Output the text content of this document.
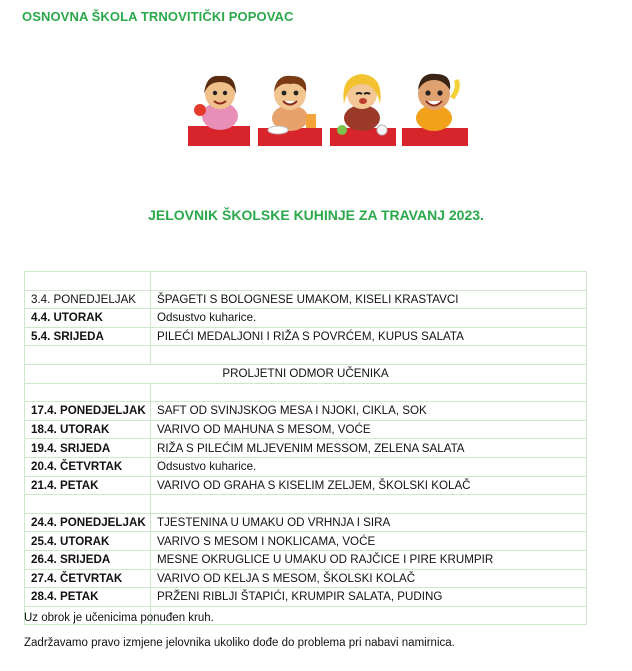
OSNOVNA ŠKOLA TRNOVITIČKI POPOVAC
JELOVNIK ŠKOLSKE KUHINJE ZA TRAVANJ 2023.

3.4. PONEDJELJAK	ŠPAGETI S BOLOGNESE UMAKOM, KISELI KRASTAVCI
4.4. UTORAK	Odsustvo kuharice.
5.4. SRIJEDA	PILEĆI MEDALJONI I RIŽA S POVRĆEM, KUPUS SALATA

PROLJETNI ODMOR UČENIKA	

17.4. PONEDJELJAK	SAFT OD SVINJSKOG MESA I NJOKI, CIKLA, SOK
18.4. UTORAK	VARIVO OD MAHUNA S MESOM, VOĆE
19.4. SRIJEDA	RIŽA S PILEĆIM MLJEVENIM MESSOM, ZELENA SALATA
20.4. ČETVRTAK	Odsustvo kuharice.
21.4. PETAK	VARIVO OD GRAHA S KISELIM ZELJEM, ŠKOLSKI KOLAČ

24.4. PONEDJELJAK	TJESTENINA U UMAKU OD VRHNJA I SIRA
25.4. UTORAK	VARIVO S MESOM I NOKLICAMA, VOĆE
26.4. SRIJEDA	MESNE OKRUGLICE U UMAKU OD RAJČICE I PIRE KRUMPIR
27.4. ČETVRTAK	VARIVO OD KELJA S MESOM, ŠKOLSKI KOLAČ
28.4. PETAK	PRŽENI RIBLJI ŠTAPIĆI, KRUMPIR SALATA, PUDING

Uz obrok je učenicima ponuđen kruh.
Zadržavamo pravo izmjene jelovnika ukoliko dođe do problema pri nabavi namirnica.
